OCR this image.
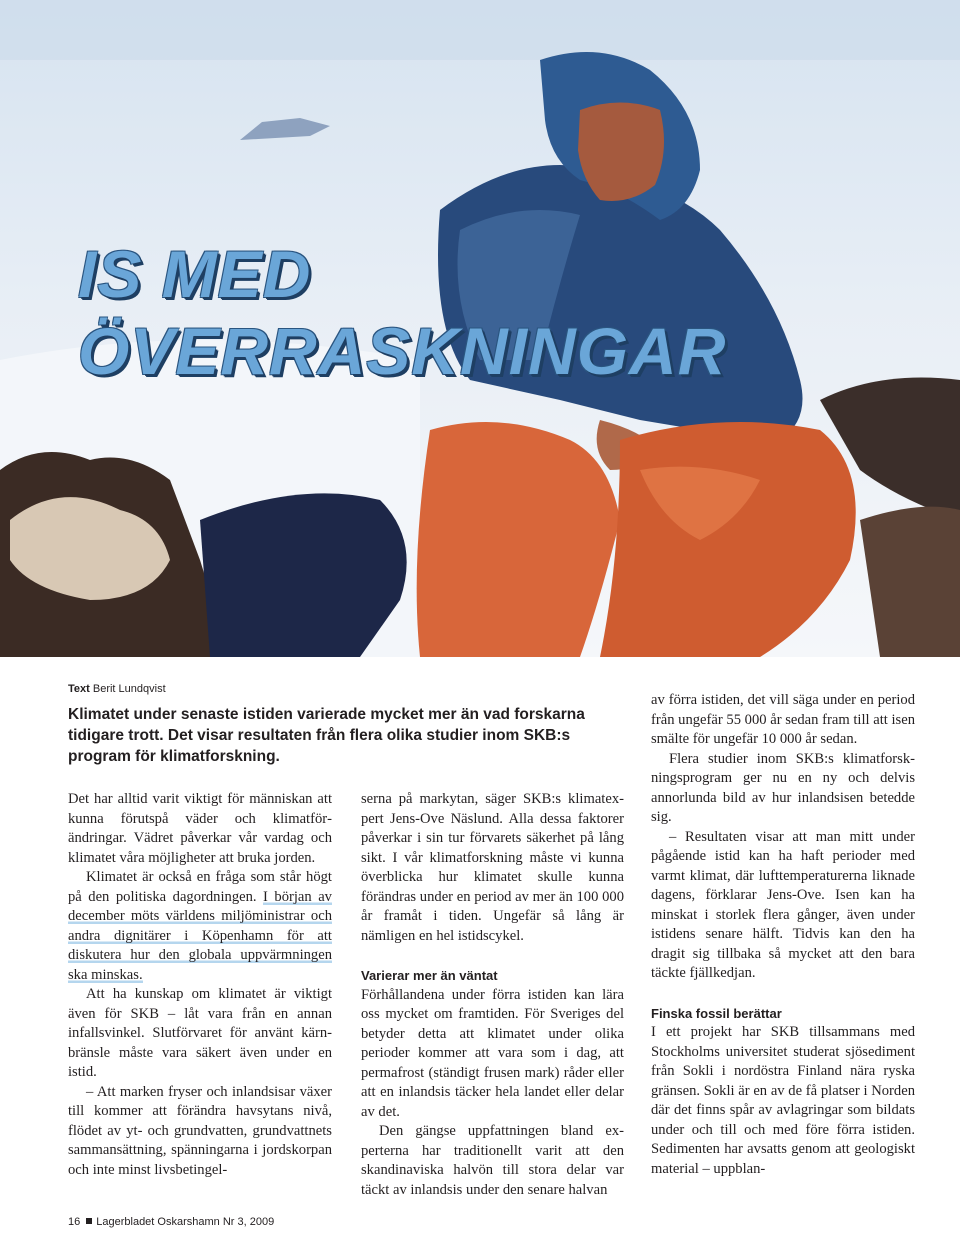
IS MED
ÖVERRASKNINGAR
Text Berit Lundqvist

Klimatet under senaste istiden varierade mycket mer än vad forskarna tidigare trott. Det visar resultaten från flera olika studier inom SKB:s program för klimatforskning.

Det har alltid varit viktigt för människan att kunna förutspå väder och klimatförändringar. Vädret påverkar vår vardag och klimatet våra möjligheter att bruka jorden.

Klimatet är också en fråga som står högt på den politiska dagordningen. I början av december möts världens miljöministrar och andra dignitärer i Köpenhamn för att diskutera hur den globala uppvärmningen ska minskas.

Att ha kunskap om klimatet är viktigt även för SKB – låt vara från en annan infallsvinkel. Slutförvaret för använt kärnbränsle måste vara säkert även under en istid.

– Att marken fryser och inlandsisar växer till kommer att förändra havsytans nivå, flödet av yt- och grundvatten, grundvattnets sammansättning, spänningarna i jordskorpan och inte minst livsbetingel-

serna på markytan, säger SKB:s klimatexpert Jens-Ove Näslund. Alla dessa faktorer påverkar i sin tur förvarets säkerhet på lång sikt. I vår klimatforskning måste vi kunna överblicka hur klimatet skulle kunna förändras under en period av mer än 100 000 år framåt i tiden. Ungefär så lång är nämligen en hel istidscykel.

Varierar mer än väntat

Förhållandena under förra istiden kan lära oss mycket om framtiden. För Sveriges del betyder detta att klimatet under olika perioder kommer att vara som i dag, att permafrost (ständigt frusen mark) råder eller att en inlandsis täcker hela landet eller delar av det.

Den gängse uppfattningen bland experterna har traditionellt varit att den skandinaviska halvön till stora delar var täckt av inlandsis under den senare halvan

av förra istiden, det vill säga under en period från ungefär 55 000 år sedan fram till att isen smälte för ungefär 10 000 år sedan.

Flera studier inom SKB:s klimatforskningsprogram ger nu en ny och delvis annorlunda bild av hur inlandsisen betedde sig.

– Resultaten visar att man mitt under pågående istid kan ha haft perioder med varmt klimat, där lufttemperaturerna liknade dagens, förklarar Jens-Ove. Isen kan ha minskat i storlek flera gånger, även under istidens senare hälft. Tidvis kan den ha dragit sig tillbaka så mycket att den bara täckte fjällkedjan.

Finska fossil berättar

I ett projekt har SKB tillsammans med Stockholms universitet studerat sjösediment från Sokli i nordöstra Finland nära ryska gränsen. Sokli är en av de få platser i Norden där det finns spår av avlagringar som bildats under och till och med före förra istiden. Sedimenten har avsatts genom att geologiskt material – uppblan-

16 Lagerbladet Oskarshamn Nr 3, 2009
